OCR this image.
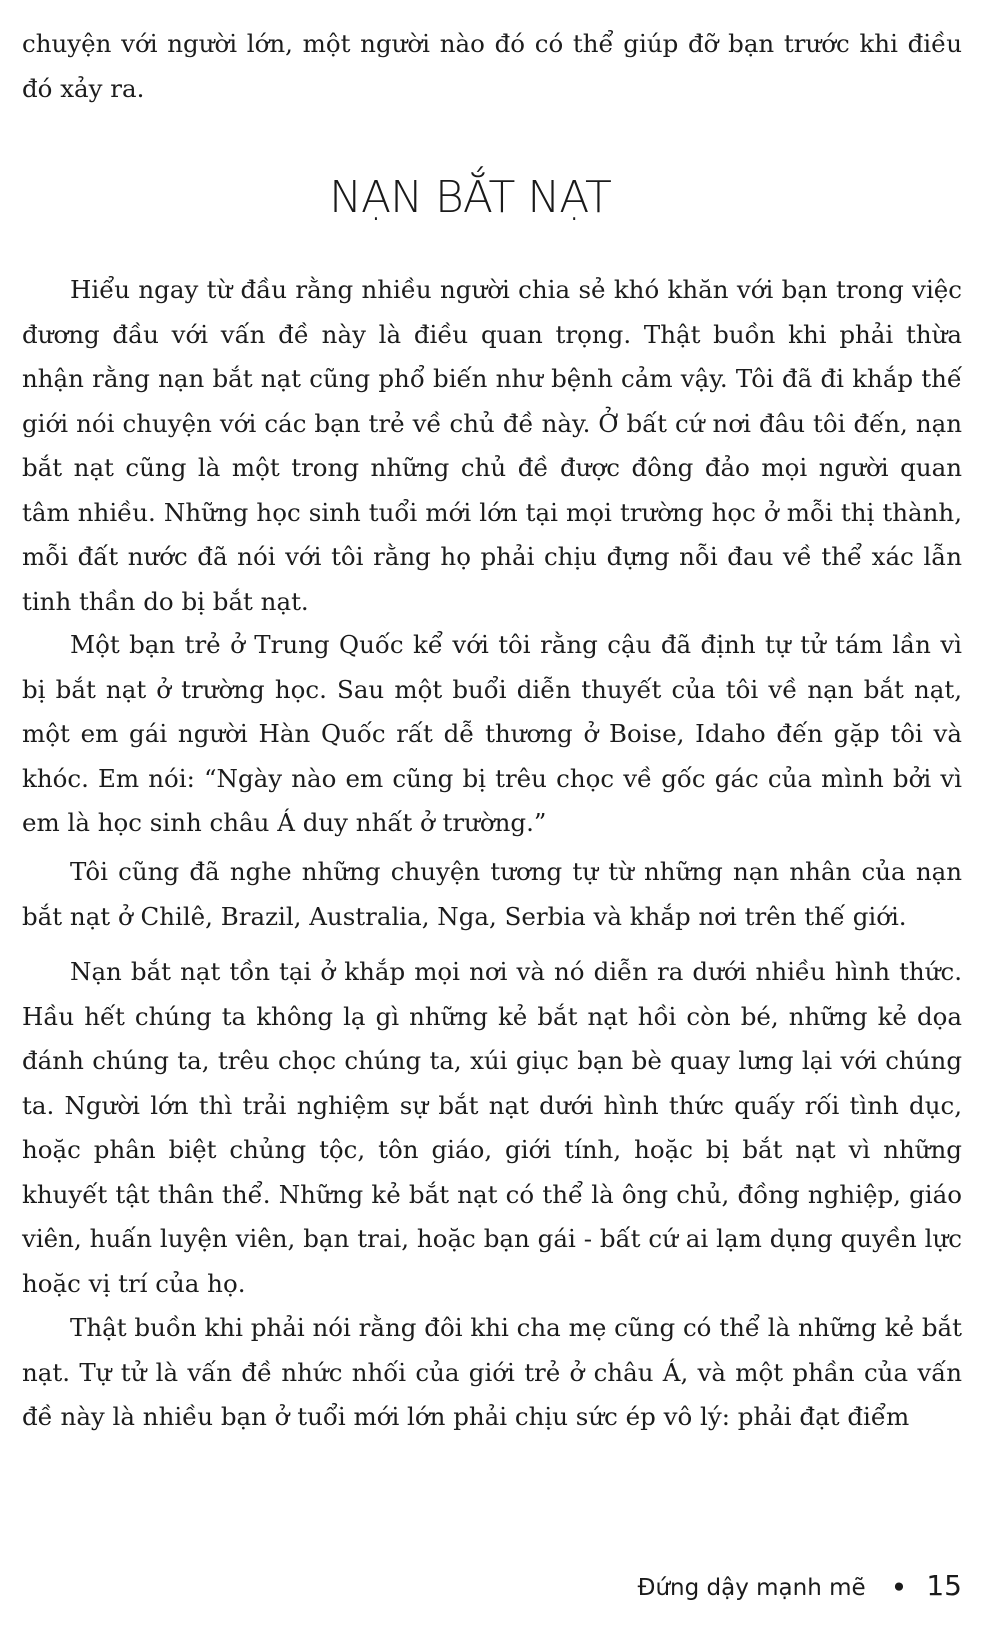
chuyện với người lớn, một người nào đó có thể giúp đỡ bạn trước khi điều đó xảy ra.

NẠN BẮT NẠT

Hiểu ngay từ đầu rằng nhiều người chia sẻ khó khăn với bạn trong việc đương đầu với vấn đề này là điều quan trọng. Thật buồn khi phải thừa nhận rằng nạn bắt nạt cũng phổ biến như bệnh cảm vậy. Tôi đã đi khắp thế giới nói chuyện với các bạn trẻ về chủ đề này. Ở bất cứ nơi đâu tôi đến, nạn bắt nạt cũng là một trong những chủ đề được đông đảo mọi người quan tâm nhiều. Những học sinh tuổi mới lớn tại mọi trường học ở mỗi thị thành, mỗi đất nước đã nói với tôi rằng họ phải chịu đựng nỗi đau về thể xác lẫn tinh thần do bị bắt nạt.

Một bạn trẻ ở Trung Quốc kể với tôi rằng cậu đã định tự tử tám lần vì bị bắt nạt ở trường học. Sau một buổi diễn thuyết của tôi về nạn bắt nạt, một em gái người Hàn Quốc rất dễ thương ở Boise, Idaho đến gặp tôi và khóc. Em nói: “Ngày nào em cũng bị trêu chọc về gốc gác của mình bởi vì em là học sinh châu Á duy nhất ở trường.”

Tôi cũng đã nghe những chuyện tương tự từ những nạn nhân của nạn bắt nạt ở Chilê, Brazil, Australia, Nga, Serbia và khắp nơi trên thế giới.

Nạn bắt nạt tồn tại ở khắp mọi nơi và nó diễn ra dưới nhiều hình thức. Hầu hết chúng ta không lạ gì những kẻ bắt nạt hồi còn bé, những kẻ dọa đánh chúng ta, trêu chọc chúng ta, xúi giục bạn bè quay lưng lại với chúng ta. Người lớn thì trải nghiệm sự bắt nạt dưới hình thức quấy rối tình dục, hoặc phân biệt chủng tộc, tôn giáo, giới tính, hoặc bị bắt nạt vì những khuyết tật thân thể. Những kẻ bắt nạt có thể là ông chủ, đồng nghiệp, giáo viên, huấn luyện viên, bạn trai, hoặc bạn gái - bất cứ ai lạm dụng quyền lực hoặc vị trí của họ.

Thật buồn khi phải nói rằng đôi khi cha mẹ cũng có thể là những kẻ bắt nạt. Tự tử là vấn đề nhức nhối của giới trẻ ở châu Á, và một phần của vấn đề này là nhiều bạn ở tuổi mới lớn phải chịu sức ép vô lý: phải đạt điểm

Đứng dậy mạnh mẽ • 15
